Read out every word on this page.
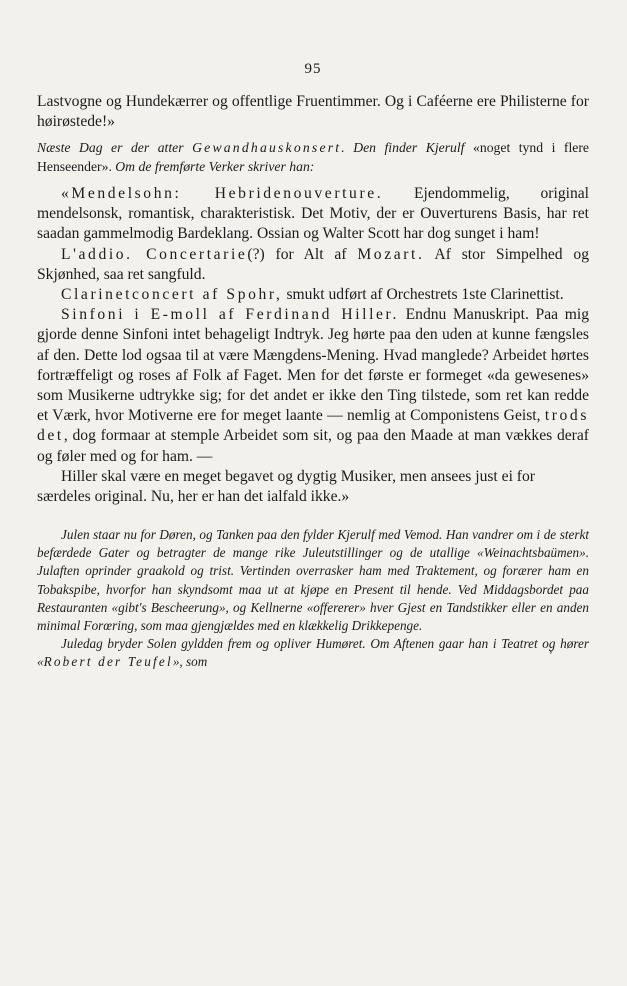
95

Lastvogne og Hundekærrer og offentlige Fruentimmer. Og i Caféerne ere Philisterne for høirøstede!»

Næste Dag er der atter Gewandhauskonsert. Den finder Kjerulf «noget tynd i flere Henseender». Om de fremførte Verker skriver han:

«Mendelsohn: Hebridenouverture. Ejendommelig, original mendelsonsk, romantisk, charakteristisk. Det Motiv, der er Ouverturens Basis, har ret saadan gammelmodig Bardeklang. Ossian og Walter Scott har dog sunget i ham!

L'addio. Concertarie(?) for Alt af Mozart. Af stor Simpelhed og Skjønhed, saa ret sangfuld.

Clarinetconcert af Spohr, smukt udført af Orchestrets 1ste Clarinettist.

Sinfoni i E-moll af Ferdinand Hiller. Endnu Manuskript. Paa mig gjorde denne Sinfoni intet behageligt Indtryk. Jeg hørte paa den uden at kunne fængsles af den. Dette lod ogsaa til at være Mængdens-Mening. Hvad manglede? Arbeidet hørtes fortræffeligt og roses af Folk af Faget. Men for det første er formeget «da gewesenes» som Musikerne udtrykke sig; for det andet er ikke den Ting tilstede, som ret kan redde et Værk, hvor Motiverne ere for meget laante — nemlig at Componistens Geist, trods det, dog formaar at stemple Arbeidet som sit, og paa den Maade at man vækkes deraf og føler med og for ham. —

Hiller skal være en meget begavet og dygtig Musiker, men ansees just ei for særdeles original. Nu, her er han det ialfald ikke.»

ʼ

Julen staar nu for Døren, og Tanken paa den fylder Kjerulf med Vemod. Han vandrer om i de sterkt befærdede Gater og betragter de mange rike Juleutstillinger og de utallige «Weinachtsbaümen». Julaften oprinder graakold og trist. Vertinden overrasker ham med Traktement, og forærer ham en Tobakspibe, hvorfor han skyndsomt maa ut at kjøpe en Present til hende. Ved Middagsbordet paa Restauranten «gibt's Bescheerung», og Kellnerne «offererer» hver Gjest en Tandstikker eller en anden minimal Forœring, som maa gjengjældes med en klækkelig Drikkepenge.

Juledag bryder Solen gyldden frem og opliver Humøret. Om Aftenen gaar han i Teatret og hører «Robert der Teufel», som
